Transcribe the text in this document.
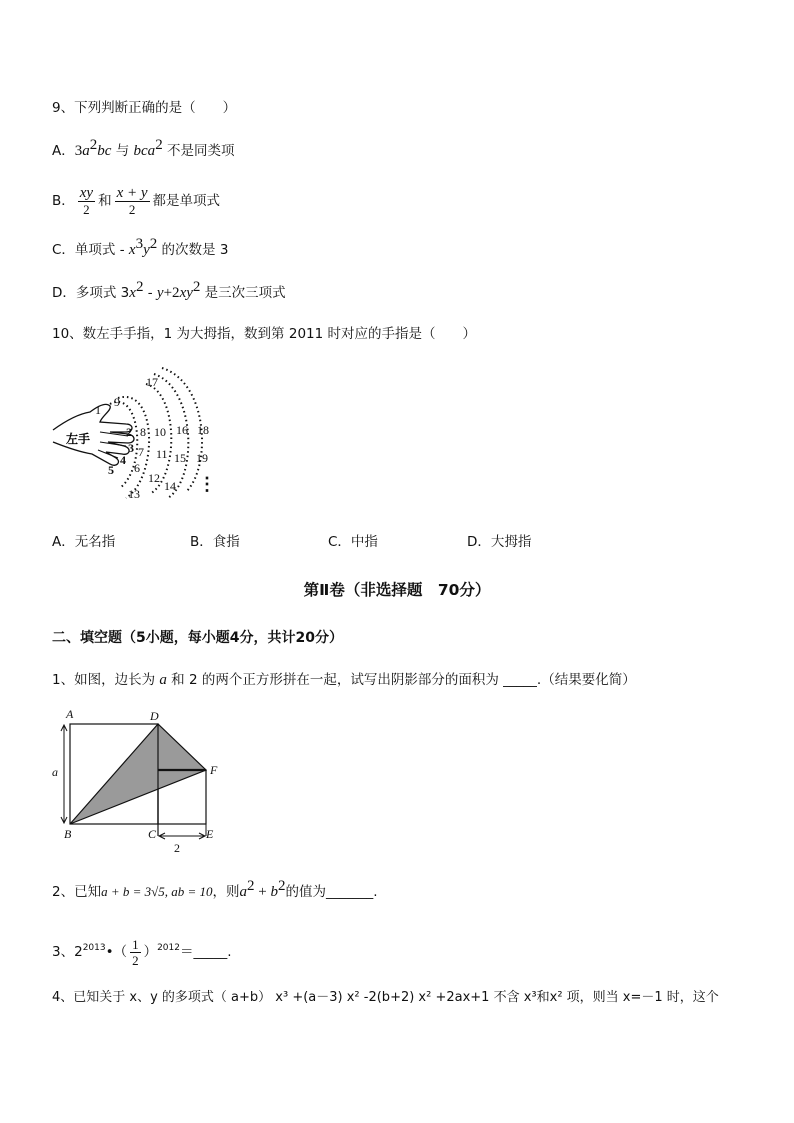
9、下列判断正确的是（　　）
A．$3a^2bc$ 与 bca$^2$ 不是同类项
B． $\frac{xy}{2}$ 和 $\frac{x + y}{2}$ 都是单项式
C．单项式 - $x^3y^2$ 的次数是 3
D．多项式 $3x^2 - y+2xy^2$ 是三次三项式
10、数左手手指，1 为大拇指，数到第 2011 时对应的手指是（　　）
左手
1
2
3
4
5 6
7
8
9
10
11
12
13
14
15
16
17
18
19
⋮
A．无名指	B．食指	C．中指	D．大拇指
第Ⅱ卷（非选择题　70分）
二、填空题（5小题，每小题4分，共计20分）
1、如图，边长为 a 和 2 的两个正方形拼在一起，试写出阴影部分的面积为 _____.（结果要化简）
A	D
F
B	C	E
a
2
2、已知a + b = 3√5, ab = 10，则$a^2 + b^2$的值为_______.
3、$2^{2013}•( \frac{1}{2}$ ）$^{2012}$＝_____.
4、已知关于 x、y 的多项式（ a+b） x³ +(a－3) x² -2(b+2) x² +2ax+1 不含 x³和x² 项，则当 x=－1 时，这个
